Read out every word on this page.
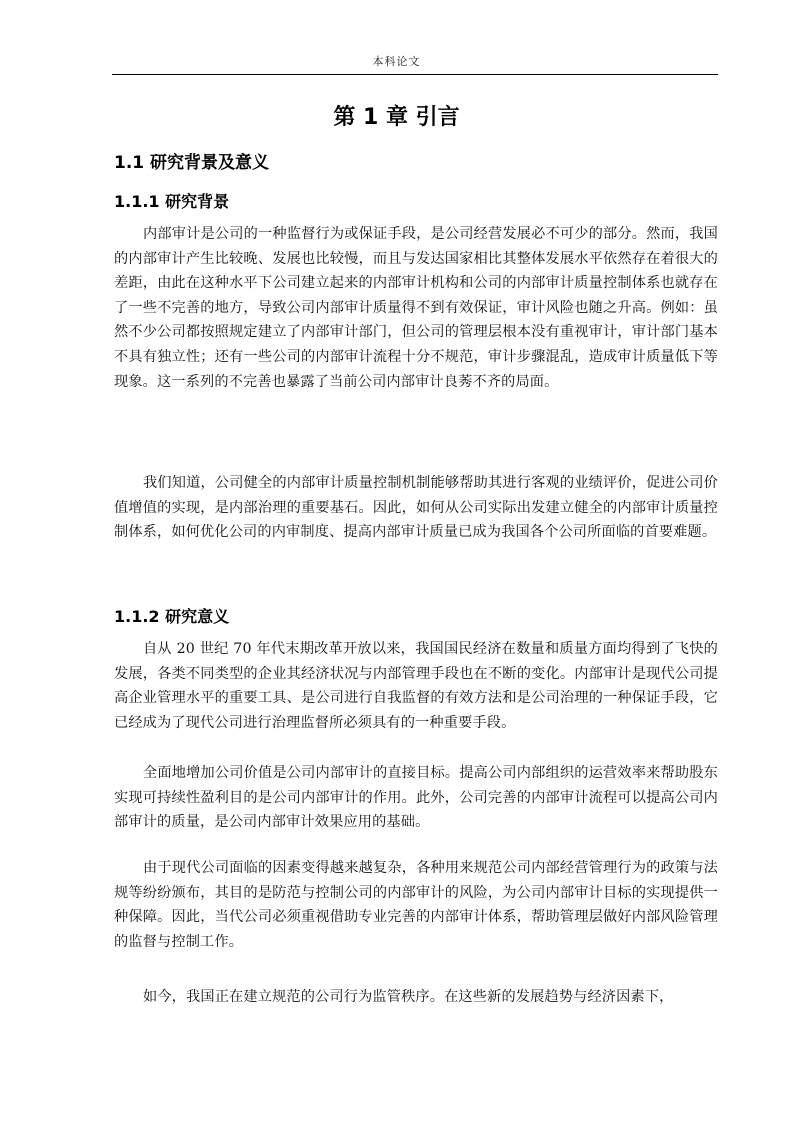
本科论文
第 1 章 引言
1.1 研究背景及意义
1.1.1 研究背景
内部审计是公司的一种监督行为或保证手段，是公司经营发展必不可少的部分。然而，我国的内部审计产生比较晚、发展也比较慢，而且与发达国家相比其整体发展水平依然存在着很大的差距，由此在这种水平下公司建立起来的内部审计机构和公司的内部审计质量控制体系也就存在了一些不完善的地方，导致公司内部审计质量得不到有效保证，审计风险也随之升高。例如：虽然不少公司都按照规定建立了内部审计部门，但公司的管理层根本没有重视审计，审计部门基本不具有独立性；还有一些公司的内部审计流程十分不规范，审计步骤混乱，造成审计质量低下等现象。这一系列的不完善也暴露了当前公司内部审计良莠不齐的局面。
我们知道，公司健全的内部审计质量控制机制能够帮助其进行客观的业绩评价，促进公司价值增值的实现，是内部治理的重要基石。因此，如何从公司实际出发建立健全的内部审计质量控制体系，如何优化公司的内审制度、提高内部审计质量已成为我国各个公司所面临的首要难题。
1.1.2 研究意义
自从 20 世纪 70 年代末期改革开放以来，我国国民经济在数量和质量方面均得到了飞快的发展，各类不同类型的企业其经济状况与内部管理手段也在不断的变化。内部审计是现代公司提高企业管理水平的重要工具、是公司进行自我监督的有效方法和是公司治理的一种保证手段，它已经成为了现代公司进行治理监督所必须具有的一种重要手段。
全面地增加公司价值是公司内部审计的直接目标。提高公司内部组织的运营效率来帮助股东实现可持续性盈利目的是公司内部审计的作用。此外，公司完善的内部审计流程可以提高公司内部审计的质量，是公司内部审计效果应用的基础。
由于现代公司面临的因素变得越来越复杂，各种用来规范公司内部经营管理行为的政策与法规等纷纷颁布，其目的是防范与控制公司的内部审计的风险，为公司内部审计目标的实现提供一种保障。因此，当代公司必须重视借助专业完善的内部审计体系，帮助管理层做好内部风险管理的监督与控制工作。
如今，我国正在建立规范的公司行为监管秩序。在这些新的发展趋势与经济因素下，
